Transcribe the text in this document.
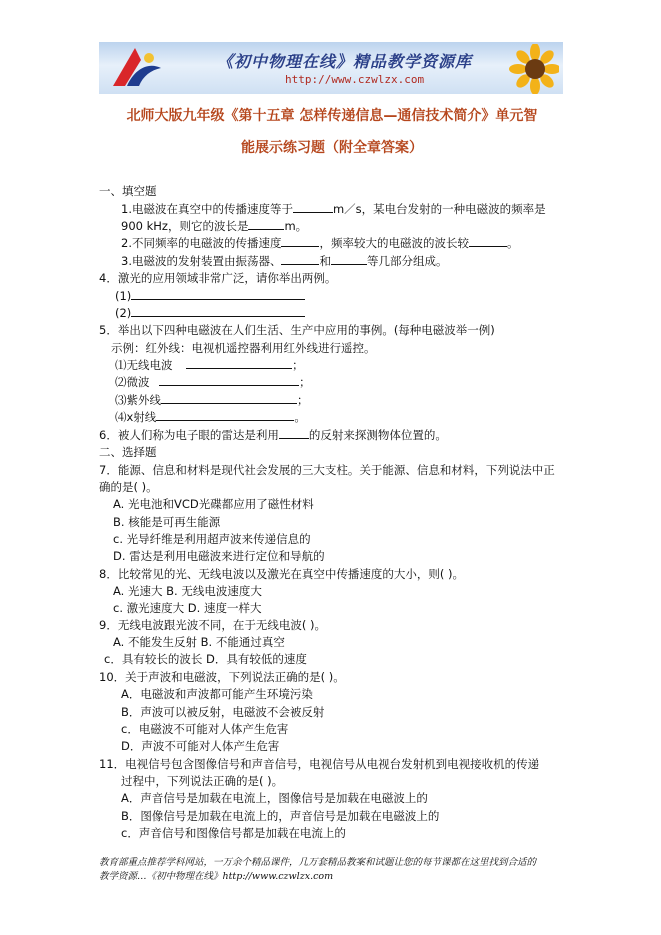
《初中物理在线》精品教学资源库
http://www.czwlzx.com
北师大版九年级《第十五章 怎样传递信息—通信技术简介》单元智
能展示练习题（附全章答案）
一、填空题
1.电磁波在真空中的传播速度等于	m／s，某电台发射的一种电磁波的频率是
900 kHz，则它的波长是	m。
2.不同频率的电磁波的传播速度	，频率较大的电磁波的波长较	。
3.电磁波的发射装置由振荡器、	和	等几部分组成。
4．激光的应用领域非常广泛，请你举出两例。
(1)
(2)
5．举出以下四种电磁波在人们生活、生产中应用的事例。(每种电磁波举一例)
示例：红外线：电视机遥控器利用红外线进行遥控。
⑴无线电波	；
⑵微波	；
⑶紫外线	；
⑷x射线	。
6．被人们称为电子眼的雷达是利用	的反射来探测物体位置的。
二、选择题
7．能源、信息和材料是现代社会发展的三大支柱。关于能源、信息和材料，下列说法中正
确的是( )。
A. 光电池和VCD光碟都应用了磁性材料
B. 核能是可再生能源
c. 光导纤维是利用超声波来传递信息的
D. 雷达是利用电磁波来进行定位和导航的
8．比较常见的光、无线电波以及激光在真空中传播速度的大小，则( )。
A. 光速大 B. 无线电波速度大
c. 激光速度大 D. 速度一样大
9．无线电波跟光波不同，在于无线电波( )。
A. 不能发生反射 B. 不能通过真空
c．具有较长的波长 D．具有较低的速度
10．关于声波和电磁波，下列说法正确的是( )。
A．电磁波和声波都可能产生环境污染
B．声波可以被反射，电磁波不会被反射
c．电磁波不可能对人体产生危害
D．声波不可能对人体产生危害
11．电视信号包含图像信号和声音信号，电视信号从电视台发射机到电视接收机的传递
过程中，下列说法正确的是( )。
A．声音信号是加载在电流上，图像信号是加载在电磁波上的
B．图像信号是加载在电流上的，声音信号是加载在电磁波上的
c．声音信号和图像信号都是加载在电流上的
教育部重点推荐学科网站，一万余个精品课件，几万套精品教案和试题让您的每节课都在这里找到合适的
教学资源…《初中物理在线》http://www.czwlzx.com
